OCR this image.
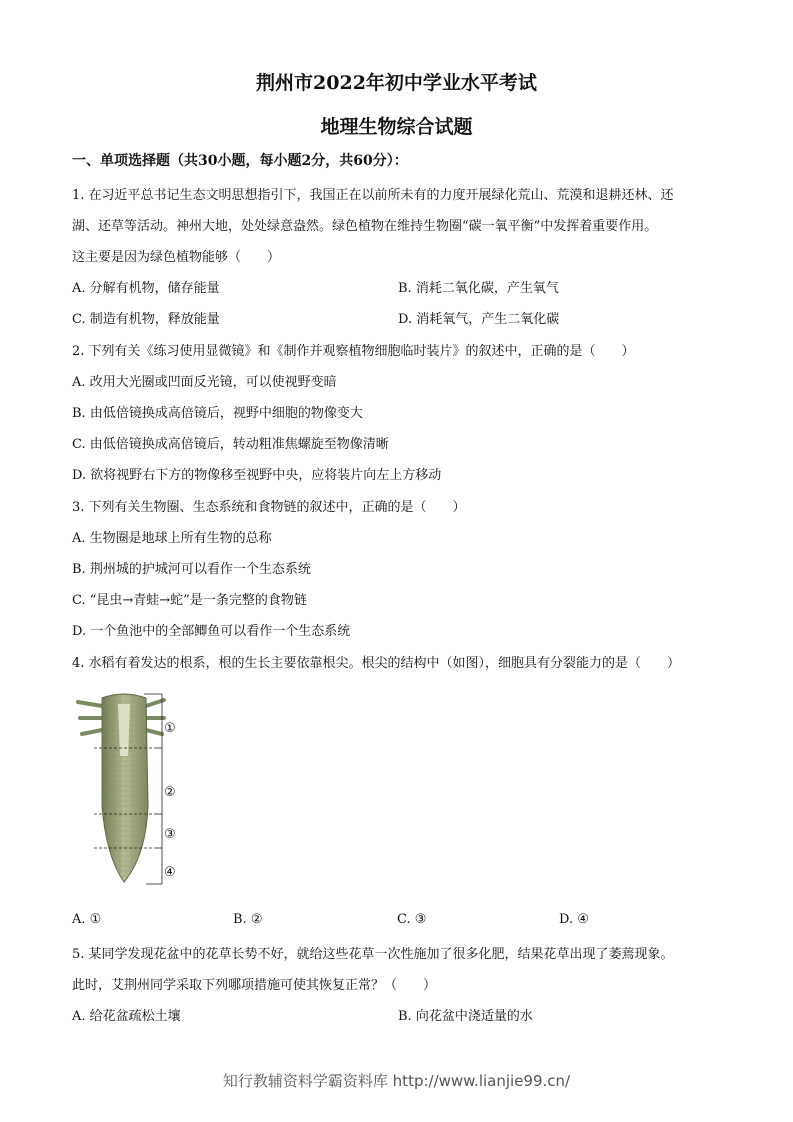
荆州市2022年初中学业水平考试
地理生物综合试题
一、单项选择题（共30小题，每小题2分，共60分）：
1. 在习近平总书记生态文明思想指引下，我国正在以前所未有的力度开展绿化荒山、荒漠和退耕还林、还
湖、还草等活动。神州大地，处处绿意盎然。绿色植物在维持生物圈“碳一氧平衡”中发挥着重要作用。
这主要是因为绿色植物能够（　　）
A. 分解有机物，储存能量	B. 消耗二氧化碳，产生氧气
C. 制造有机物，释放能量	D. 消耗氧气，产生二氧化碳
2. 下列有关《练习使用显微镜》和《制作并观察植物细胞临时装片》的叙述中，正确的是（　　）
A. 改用大光圈或凹面反光镜，可以使视野变暗
B. 由低倍镜换成高倍镜后，视野中细胞的物像变大
C. 由低倍镜换成高倍镜后，转动粗准焦螺旋至物像清晰
D. 欲将视野右下方的物像移至视野中央，应将装片向左上方移动
3. 下列有关生物圈、生态系统和食物链的叙述中，正确的是（　　）
A. 生物圈是地球上所有生物的总称
B. 荆州城的护城河可以看作一个生态系统
C. “昆虫→青蛙→蛇”是一条完整的食物链
D. 一个鱼池中的全部鲫鱼可以看作一个生态系统
4. 水稻有着发达的根系，根的生长主要依靠根尖。根尖的结构中（如图），细胞具有分裂能力的是（　　）
①
②
③
④
A. ①	B. ②	C. ③	D. ④
5. 某同学发现花盆中的花草长势不好，就给这些花草一次性施加了很多化肥，结果花草出现了萎蔫现象。
此时，艾荆州同学采取下列哪项措施可使其恢复正常？（　　）
A. 给花盆疏松土壤	B. 向花盆中浇适量的水
知行教辅资料学霸资料库 http://www.lianjie99.cn/
